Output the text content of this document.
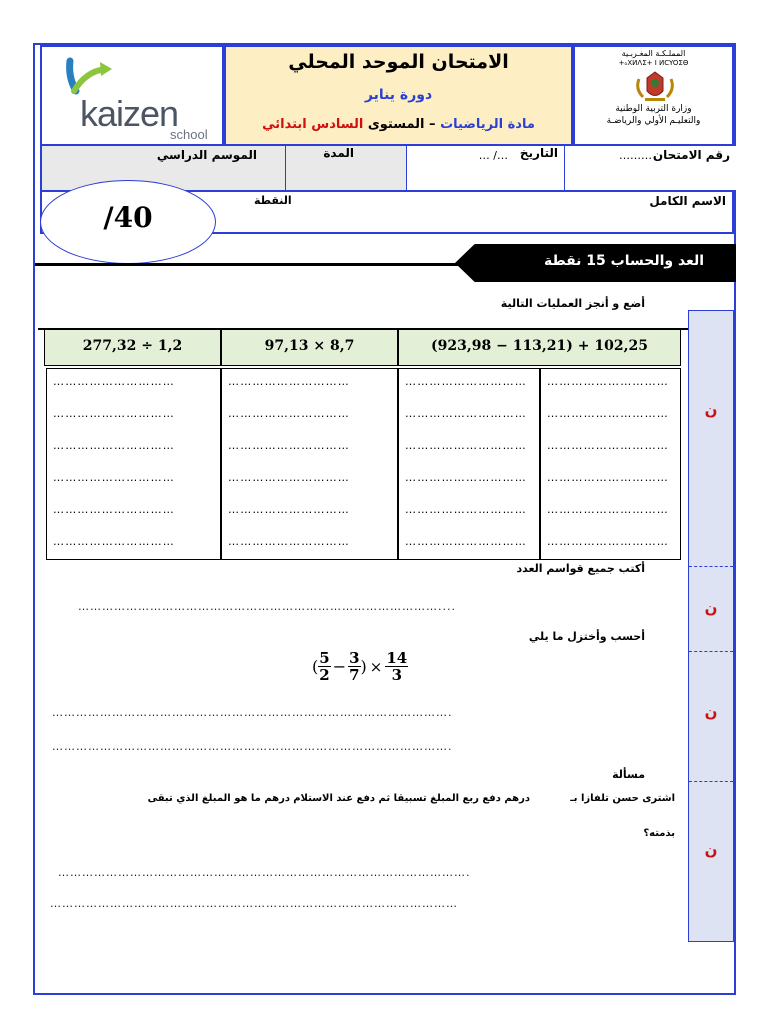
kaizen
school
الامتحان الموحد المحلي
دورة يناير
مادة الرياضيات – المستوى السادس ابتدائي
المملـكـة المغـربـية
+ₒXИΛΣ+ I ИCYOΣΘ
وزارة التربية الوطنية
والتعليـم الأولي والرياضـة
رقم الامتحان
………
التاريخ
… /…
المدة
الموسم الدراسي
الاسم الكامل
النقطة
/40
العد والحساب 15 نقطة
ن
ن
ن
ن
أضع و أنجز العمليات التالية
277,32 ÷ 1,2	97,13 × 8,7	(923,98 − 113,21) + 102,25
…………………………
…………………………
…………………………
…………………………
…………………………
…………………………
…………………………
…………………………
…………………………
…………………………
…………………………
…………………………
…………………………
…………………………
…………………………
…………………………
…………………………
…………………………
…………………………
…………………………
…………………………
…………………………
…………………………
…………………………
أكتب جميع قواسم العدد
………………………………………………………………………………....
أحسب وأختزل ما يلي
( $\frac{5}{2} - \frac{3}{7}$ ) × $\frac{14}{3}$
……………………………………………………………………………………….
……………………………………………………………………………………….
مسألة
اشترى حسن تلفازا بـ
درهم دفع ربع المبلغ تسبيقا ثم دفع عند الاستلام
درهم ما هو المبلغ الذي تبقى
بذمته؟
………………………………………………………………………………………….
…………………………………………………………………………………………
